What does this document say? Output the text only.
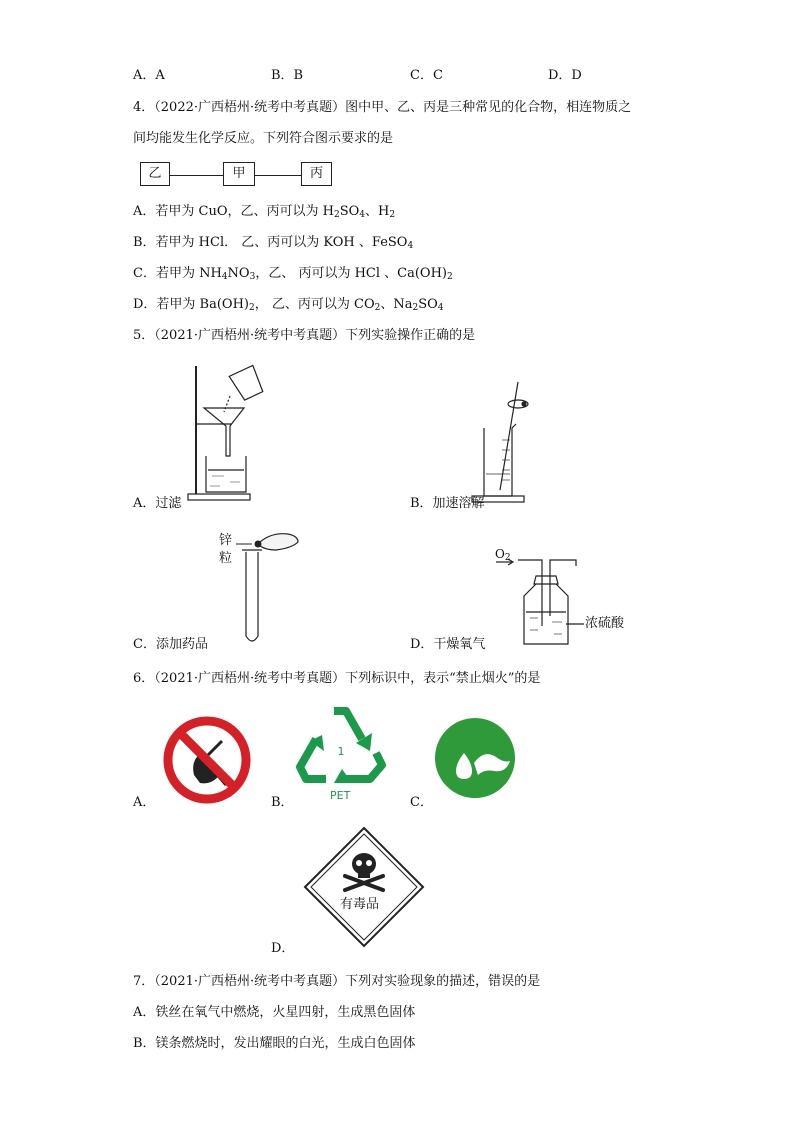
A．A	B．B	C．C	D．D
4．（2022·广西梧州·统考中考真题）图中甲、乙、丙是三种常见的化合物，相连物质之
间均能发生化学反应。下列符合图示要求的是
乙	甲	丙
A．若甲为 CuO，乙、丙可以为 $H_2SO_4$、$H_2$
B．若甲为 HCl． 乙、丙可以为 KOH 、FeSO$_4$
C．若甲为 $NH_4NO_3$，乙、 丙可以为 HCl 、$Ca(OH)_2$
D．若甲为 $Ba(OH)_2$， 乙、丙可以为 $CO_2$、$Na_2SO_4$
5．（2021·广西梧州·统考中考真题）下列实验操作正确的是
A．过滤	B．加速溶解
锌
粒
C．添加药品
$O_2$
浓硫酸
D．干燥氧气
6．（2021·广西梧州·统考中考真题）下列标识中，表示“禁止烟火”的是
A．
1
PET
B．	C．
有毒品
D．
7．（2021·广西梧州·统考中考真题）下列对实验现象的描述，错误的是
A．铁丝在氧气中燃烧，火星四射，生成黑色固体
B．镁条燃烧时，发出耀眼的白光，生成白色固体
